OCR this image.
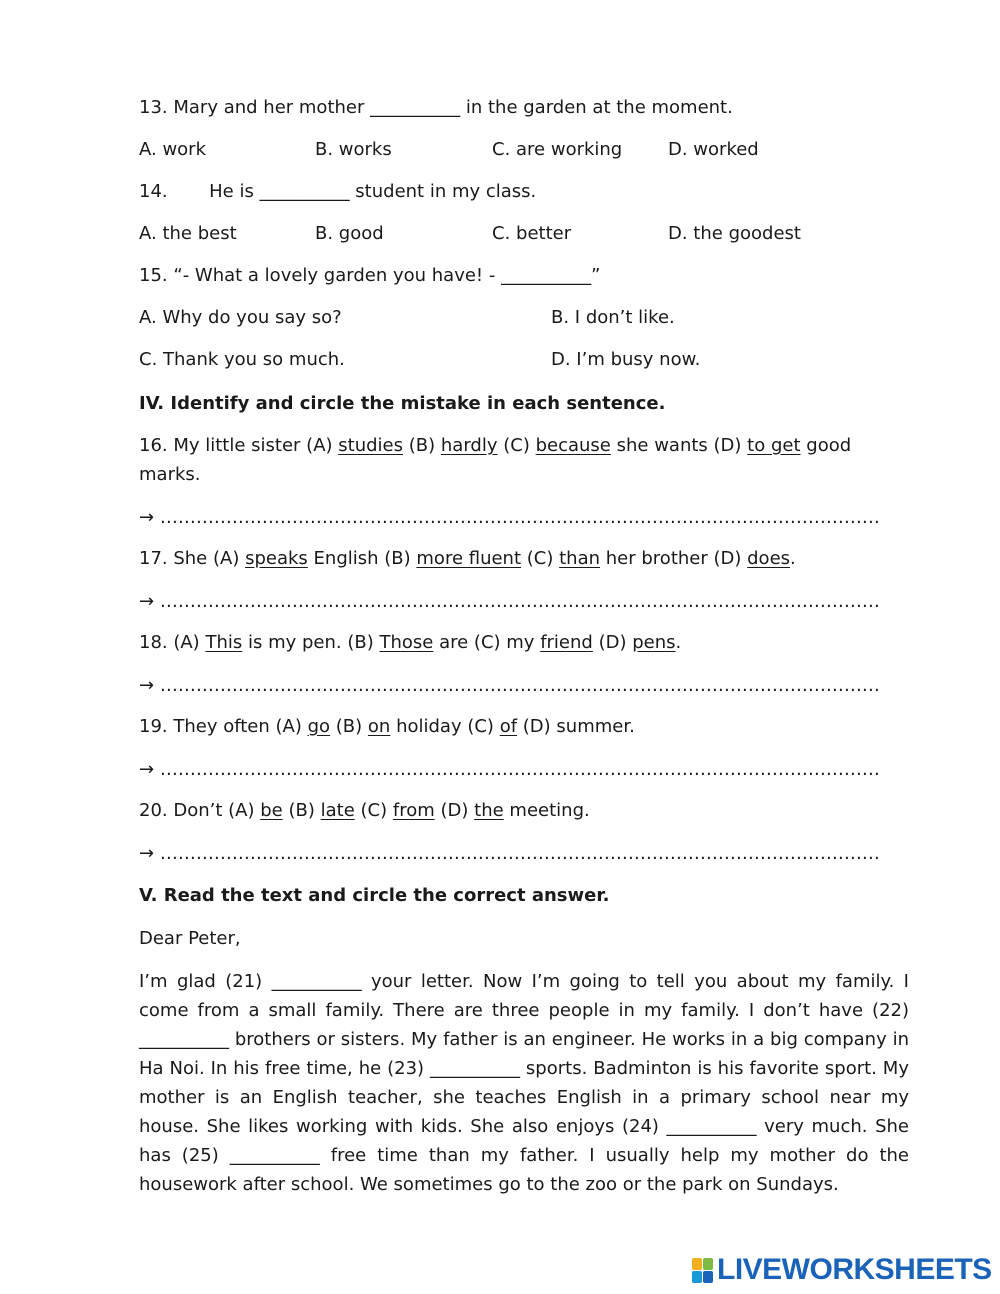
13. Mary and her mother __________ in the garden at the moment.
A. work	B. works	C. are working	D. worked
14. He is __________ student in my class.
A. the best	B. good	C. better	D. the goodest
15. “- What a lovely garden you have! - __________”
A. Why do you say so?	B. I don’t like.
C. Thank you so much.	D. I’m busy now.
IV. Identify and circle the mistake in each sentence.
16. My little sister (A) studies (B) hardly (C) because she wants (D) to get good
marks.
→ …………………………………………………………………………………………………………
17. She (A) speaks English (B) more fluent (C) than her brother (D) does.
→ …………………………………………………………………………………………………………
18. (A) This is my pen. (B) Those are (C) my friend (D) pens.
→ …………………………………………………………………………………………………………
19. They often (A) go (B) on holiday (C) of (D) summer.
→ …………………………………………………………………………………………………………
20. Don’t (A) be (B) late (C) from (D) the meeting.
→ …………………………………………………………………………………………………………
V. Read the text and circle the correct answer.
Dear Peter,
I’m glad (21) __________ your letter. Now I’m going to tell you about my family. I come from a small family. There are three people in my family. I don’t have (22) __________ brothers or sisters. My father is an engineer. He works in a big company in Ha Noi. In his free time, he (23) __________ sports. Badminton is his favorite sport. My mother is an English teacher, she teaches English in a primary school near my house. She likes working with kids. She also enjoys (24) __________ very much. She has (25) __________ free time than my father. I usually help my mother do the housework after school. We sometimes go to the zoo or the park on Sundays.
LIVEWORKSHEETS
